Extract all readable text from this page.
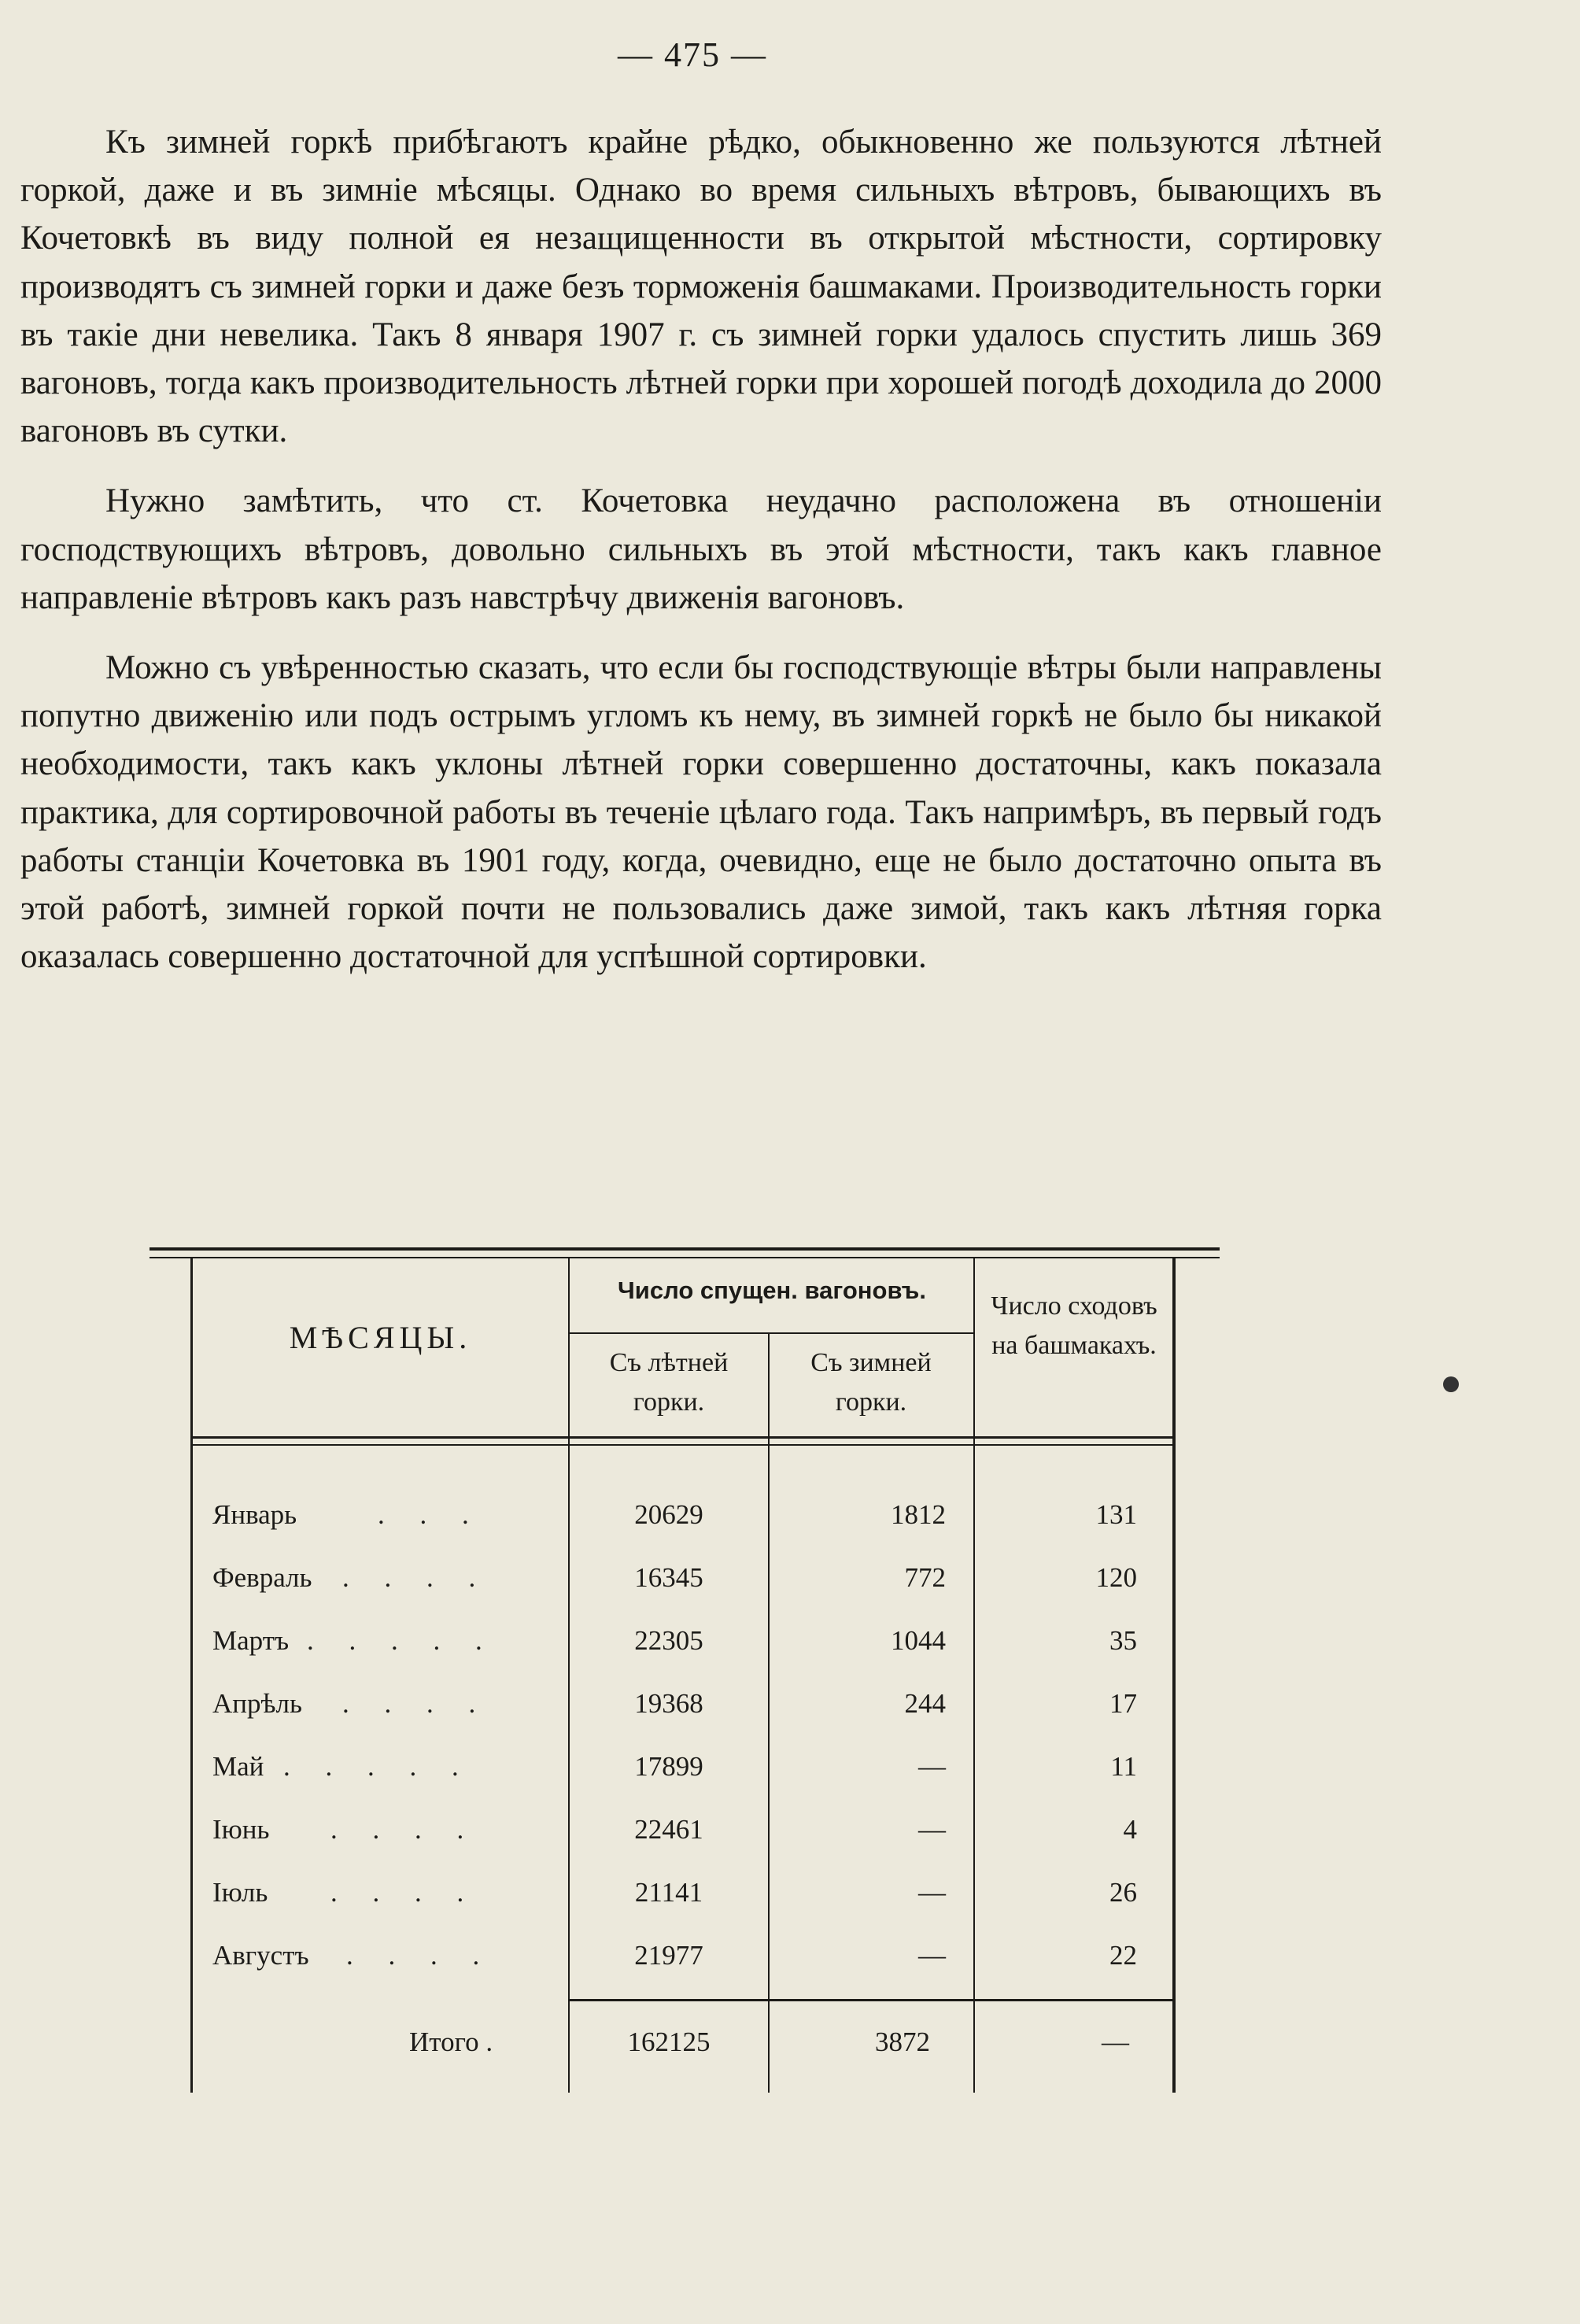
— 475 —

Къ зимней горкѣ прибѣгаютъ крайне рѣдко, обыкновенно же пользуются лѣтней горкой, даже и въ зимніе мѣсяцы. Однако во время сильныхъ вѣтровъ, бывающихъ въ Кочетовкѣ въ виду полной ея незащищенности въ открытой мѣстности, сортировку производятъ съ зимней горки и даже безъ торможенія башмаками. Производительность горки въ такіе дни невелика. Такъ 8 января 1907 г. съ зимней горки удалось спустить лишь 369 вагоновъ, тогда какъ производительность лѣтней горки при хорошей погодѣ доходила до 2000 вагоновъ въ сутки.

Нужно замѣтить, что ст. Кочетовка неудачно расположена въ отношеніи господствующихъ вѣтровъ, довольно сильныхъ въ этой мѣстности, такъ какъ главное направленіе вѣтровъ какъ разъ навстрѣчу движенія вагоновъ.

Можно съ увѣренностью сказать, что если бы господствующіе вѣтры были направлены попутно движенію или подъ острымъ угломъ къ нему, въ зимней горкѣ не было бы никакой необходимости, такъ какъ уклоны лѣтней горки совершенно достаточны, какъ показала практика, для сортировочной работы въ теченіе цѣлаго года. Такъ напримѣръ, въ первый годъ работы станціи Кочетовка въ 1901 году, когда, очевидно, еще не было достаточно опыта въ этой работѣ, зимней горкой почти не пользовались даже зимой, такъ какъ лѣтняя горка оказалась совершенно достаточной для успѣшной сортировки.

МѢСЯЦЫ.
Число спущен. вагоновъ.
Съ лѣтней горки.
Съ зимней горки.
Число сходовъ на башмакахъ.
Январь	. . .	20629	1812	131
Февраль . . . .	16345	772	120
Мартъ . . . . .	22305	1044	35
Апрѣль . . . .	19368	244	17
Май . . . . .	17899	—	11
Іюнь . . . .	22461	—	4
Іюль . . . .	21141	—	26
Августъ . . . .	21977	—	22
Итого .	162125	3872	—
